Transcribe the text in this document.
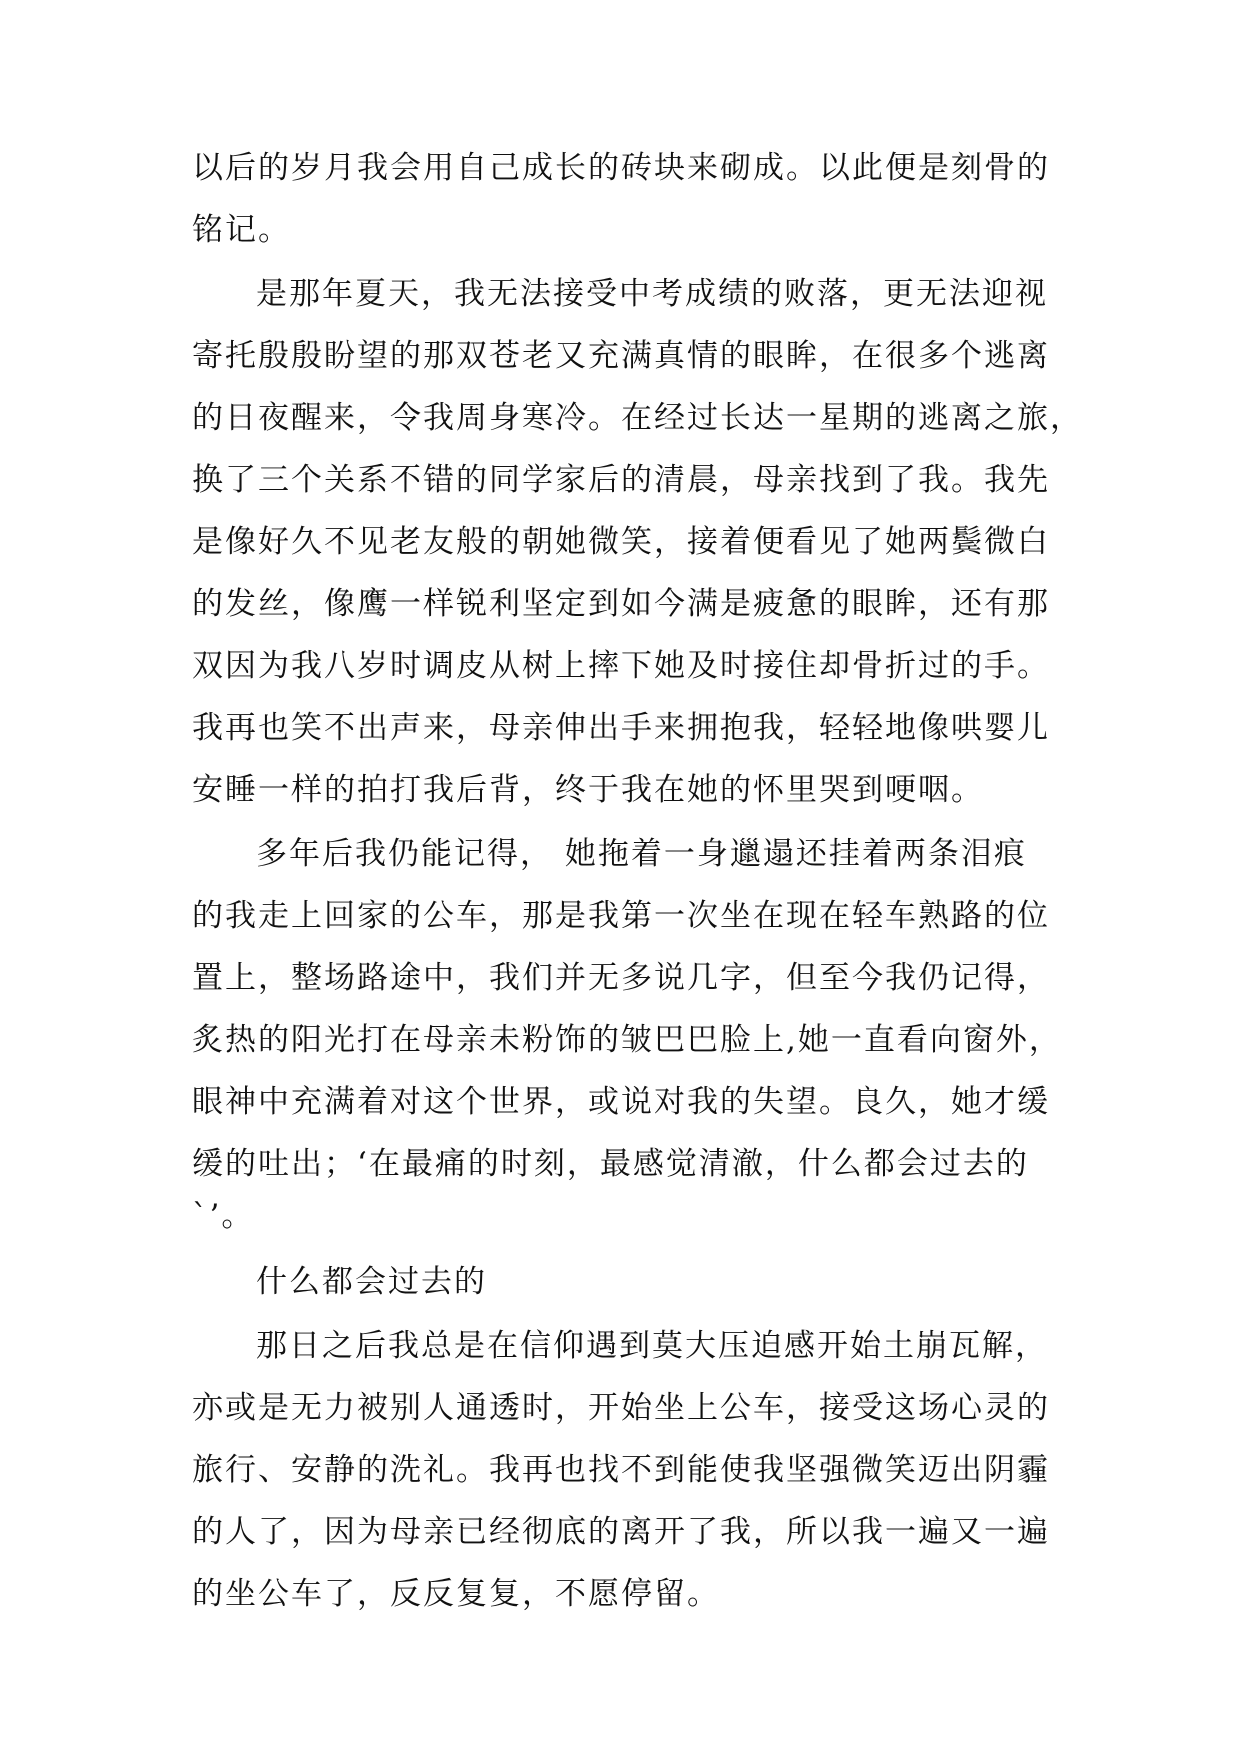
以后的岁月我会用自己成长的砖块来砌成。以此便是刻骨的
铭记。
是那年夏天，我无法接受中考成绩的败落，更无法迎视
寄托殷殷盼望的那双苍老又充满真情的眼眸，在很多个逃离
的日夜醒来，令我周身寒冷。在经过长达一星期的逃离之旅，
换了三个关系不错的同学家后的清晨，母亲找到了我。我先
是像好久不见老友般的朝她微笑，接着便看见了她两鬓微白
的发丝，像鹰一样锐利坚定到如今满是疲惫的眼眸，还有那
双因为我八岁时调皮从树上摔下她及时接住却骨折过的手。
我再也笑不出声来，母亲伸出手来拥抱我，轻轻地像哄婴儿
安睡一样的拍打我后背，终于我在她的怀里哭到哽咽。
多年后我仍能记得， 她拖着一身邋遢还挂着两条泪痕
的我走上回家的公车，那是我第一次坐在现在轻车熟路的位
置上，整场路途中，我们并无多说几字，但至今我仍记得，
炙热的阳光打在母亲未粉饰的皱巴巴脸上,她一直看向窗外，
眼神中充满着对这个世界，或说对我的失望。良久，她才缓
缓的吐出；‘在最痛的时刻，最感觉清澈，什么都会过去的
`’。
什么都会过去的
那日之后我总是在信仰遇到莫大压迫感开始土崩瓦解，
亦或是无力被别人通透时，开始坐上公车，接受这场心灵的
旅行、安静的洗礼。我再也找不到能使我坚强微笑迈出阴霾
的人了，因为母亲已经彻底的离开了我，所以我一遍又一遍
的坐公车了，反反复复，不愿停留。
